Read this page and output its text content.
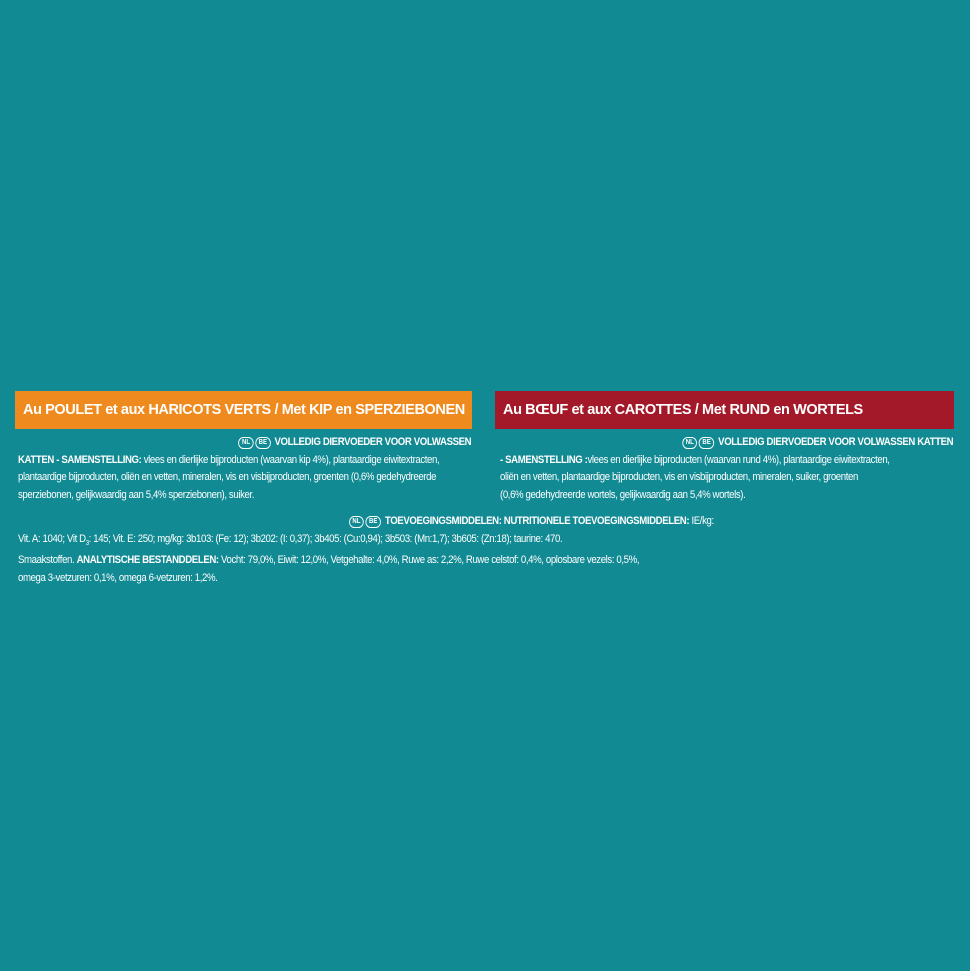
Au POULET et aux HARICOTS VERTS / Met KIP en SPERZIEBONEN	Au BŒUF et aux CAROTTES / Met RUND en WORTELS
NL BE VOLLEDIG DIERVOEDER VOOR VOLWASSEN
KATTEN - SAMENSTELLING: vlees en dierlijke bijproducten (waarvan kip 4%), plantaardige eiwitextracten,
plantaardige bijproducten, oliën en vetten, mineralen, vis en visbijproducten, groenten (0,6% gedehydreerde
sperziebonen, gelijkwaardig aan 5,4% sperziebonen), suiker.
NL BE VOLLEDIG DIERVOEDER VOOR VOLWASSEN KATTEN
- SAMENSTELLING :vlees en dierlijke bijproducten (waarvan rund 4%), plantaardige eiwitextracten,
oliën en vetten, plantaardige bijproducten, vis en visbijproducten, mineralen, suiker, groenten
(0,6% gedehydreerde wortels, gelijkwaardig aan 5,4% wortels).
NL BE TOEVOEGINGSMIDDELEN: NUTRITIONELE TOEVOEGINGSMIDDELEN: IE/kg:
Vit. A: 1040; Vit $D_3$: 145; Vit. E: 250; mg/kg: 3b103: (Fe: 12); 3b202: (I: 0,37); 3b405: (Cu:0,94); 3b503: (Mn:1,7); 3b605: (Zn:18); taurine: 470.
Smaakstoffen. ANALYTISCHE BESTANDDELEN: Vocht: 79,0%, Eiwit: 12,0%, Vetgehalte: 4,0%, Ruwe as: 2,2%, Ruwe celstof: 0,4%, oplosbare vezels: 0,5%,
omega 3-vetzuren: 0,1%, omega 6-vetzuren: 1,2%.
